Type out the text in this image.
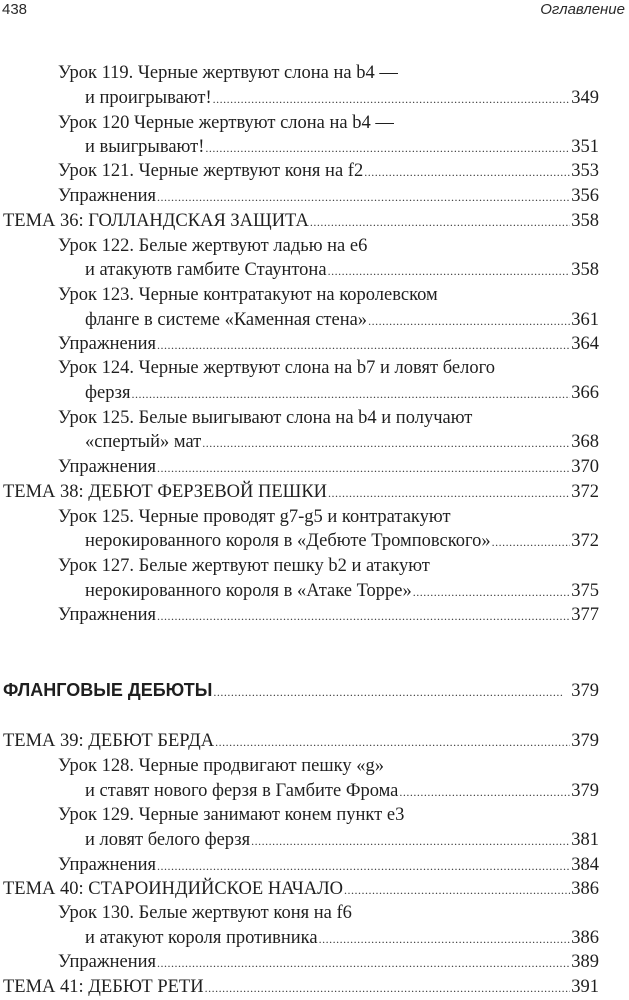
438	Оглавление
Урок 119. Черные жертвуют слона на b4 —
и проигрывают! .....	349
Урок 120 Черные жертвуют слона на b4 —
и выигрывают! .....	351
Урок 121. Черные жертвуют коня на f2 .....	353
Упражнения .....	356
ТЕМА 36: ГОЛЛАНДСКАЯ ЗАЩИТА .....	358
Урок 122. Белые жертвуют ладью на е6
и атакуютв гамбите Стаунтона .....	358
Урок 123. Черные контратакуют на королевском
фланге в системе «Каменная стена» .....	361
Упражнения .....	364
Урок 124. Черные жертвуют слона на b7 и ловят белого
ферзя .....	366
Урок 125. Белые выигывают слона на b4 и получают
«спертый» мат .....	368
Упражнения .....	370
ТЕМА 38: ДЕБЮТ ФЕРЗЕВОЙ ПЕШКИ .....	372
Урок 125. Черные проводят g7-g5 и контратакуют
нерокированного короля в «Дебюте Тромповского» .....	372
Урок 127. Белые жертвуют пешку b2 и атакуют
нерокированного короля в «Атаке Торре» .....	375
Упражнения .....	377
ФЛАНГОВЫЕ ДЕБЮТЫ .....	379
ТЕМА 39: ДЕБЮТ БЕРДА .....	379
Урок 128. Черные продвигают пешку «g»
и ставят нового ферзя в Гамбите Фрома .....	379
Урок 129. Черные занимают конем пункт е3
и ловят белого ферзя .....	381
Упражнения .....	384
ТЕМА 40: СТАРОИНДИЙСКОЕ НАЧАЛО .....	386
Урок 130. Белые жертвуют коня на f6
и атакуют короля противника .....	386
Упражнения .....	389
ТЕМА 41: ДЕБЮТ РЕТИ .....	391
